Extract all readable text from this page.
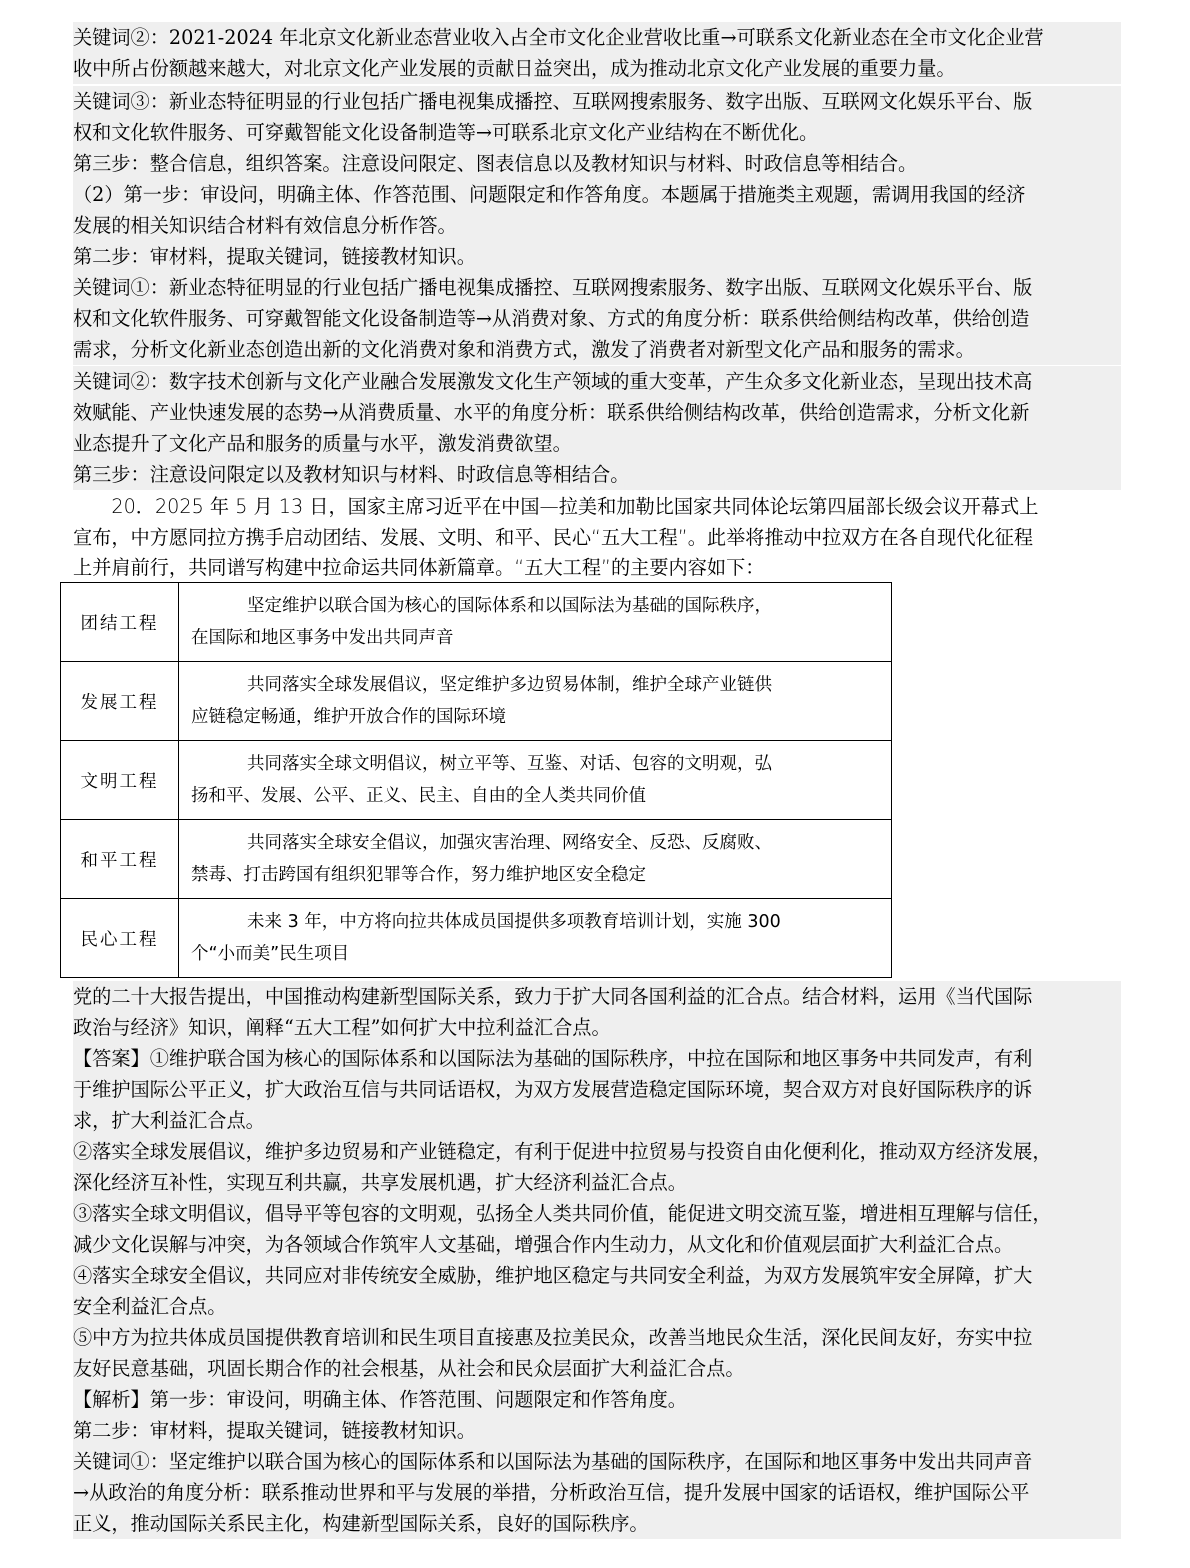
关键词②：2021-2024 年北京文化新业态营业收入占全市文化企业营收比重→可联系文化新业态在全市文化企业营
收中所占份额越来越大，对北京文化产业发展的贡献日益突出，成为推动北京文化产业发展的重要力量。
关键词③：新业态特征明显的行业包括广播电视集成播控、互联网搜索服务、数字出版、互联网文化娱乐平台、版
权和文化软件服务、可穿戴智能文化设备制造等→可联系北京文化产业结构在不断优化。
第三步：整合信息，组织答案。注意设问限定、图表信息以及教材知识与材料、时政信息等相结合。
（2）第一步：审设问，明确主体、作答范围、问题限定和作答角度。本题属于措施类主观题，需调用我国的经济
发展的相关知识结合材料有效信息分析作答。
第二步：审材料，提取关键词，链接教材知识。
关键词①：新业态特征明显的行业包括广播电视集成播控、互联网搜索服务、数字出版、互联网文化娱乐平台、版
权和文化软件服务、可穿戴智能文化设备制造等→从消费对象、方式的角度分析：联系供给侧结构改革，供给创造
需求，分析文化新业态创造出新的文化消费对象和消费方式，激发了消费者对新型文化产品和服务的需求。
关键词②：数字技术创新与文化产业融合发展激发文化生产领域的重大变革，产生众多文化新业态，呈现出技术高
效赋能、产业快速发展的态势→从消费质量、水平的角度分析：联系供给侧结构改革，供给创造需求，分析文化新
业态提升了文化产品和服务的质量与水平，激发消费欲望。
第三步：注意设问限定以及教材知识与材料、时政信息等相结合。
　　20．2025 年 5 月 13 日，国家主席习近平在中国—拉美和加勒比国家共同体论坛第四届部长级会议开幕式上
宣布，中方愿同拉方携手启动团结、发展、文明、和平、民心“五大工程”。此举将推动中拉双方在各自现代化征程
上并肩前行，共同谱写构建中拉命运共同体新篇章。“五大工程”的主要内容如下：
团结工程	坚定维护以联合国为核心的国际体系和以国际法为基础的国际秩序，
在国际和地区事务中发出共同声音
发展工程	共同落实全球发展倡议，坚定维护多边贸易体制，维护全球产业链供
应链稳定畅通，维护开放合作的国际环境
文明工程	共同落实全球文明倡议，树立平等、互鉴、对话、包容的文明观，弘
扬和平、发展、公平、正义、民主、自由的全人类共同价值
和平工程	共同落实全球安全倡议，加强灾害治理、网络安全、反恐、反腐败、
禁毒、打击跨国有组织犯罪等合作，努力维护地区安全稳定
民心工程	未来 3 年，中方将向拉共体成员国提供多项教育培训计划，实施 300
个“小而美”民生项目
党的二十大报告提出，中国推动构建新型国际关系，致力于扩大同各国利益的汇合点。结合材料，运用《当代国际
政治与经济》知识，阐释“五大工程”如何扩大中拉利益汇合点。
【答案】①维护联合国为核心的国际体系和以国际法为基础的国际秩序，中拉在国际和地区事务中共同发声，有利
于维护国际公平正义，扩大政治互信与共同话语权，为双方发展营造稳定国际环境，契合双方对良好国际秩序的诉
求，扩大利益汇合点。
②落实全球发展倡议，维护多边贸易和产业链稳定，有利于促进中拉贸易与投资自由化便利化，推动双方经济发展，
深化经济互补性，实现互利共赢，共享发展机遇，扩大经济利益汇合点。
③落实全球文明倡议，倡导平等包容的文明观，弘扬全人类共同价值，能促进文明交流互鉴，增进相互理解与信任，
减少文化误解与冲突，为各领域合作筑牢人文基础，增强合作内生动力，从文化和价值观层面扩大利益汇合点。
④落实全球安全倡议，共同应对非传统安全威胁，维护地区稳定与共同安全利益，为双方发展筑牢安全屏障，扩大
安全利益汇合点。
⑤中方为拉共体成员国提供教育培训和民生项目直接惠及拉美民众，改善当地民众生活，深化民间友好，夯实中拉
友好民意基础，巩固长期合作的社会根基，从社会和民众层面扩大利益汇合点。
【解析】第一步：审设问，明确主体、作答范围、问题限定和作答角度。
第二步：审材料，提取关键词，链接教材知识。
关键词①：坚定维护以联合国为核心的国际体系和以国际法为基础的国际秩序，在国际和地区事务中发出共同声音
→从政治的角度分析：联系推动世界和平与发展的举措，分析政治互信，提升发展中国家的话语权，维护国际公平
正义，推动国际关系民主化，构建新型国际关系，良好的国际秩序。
